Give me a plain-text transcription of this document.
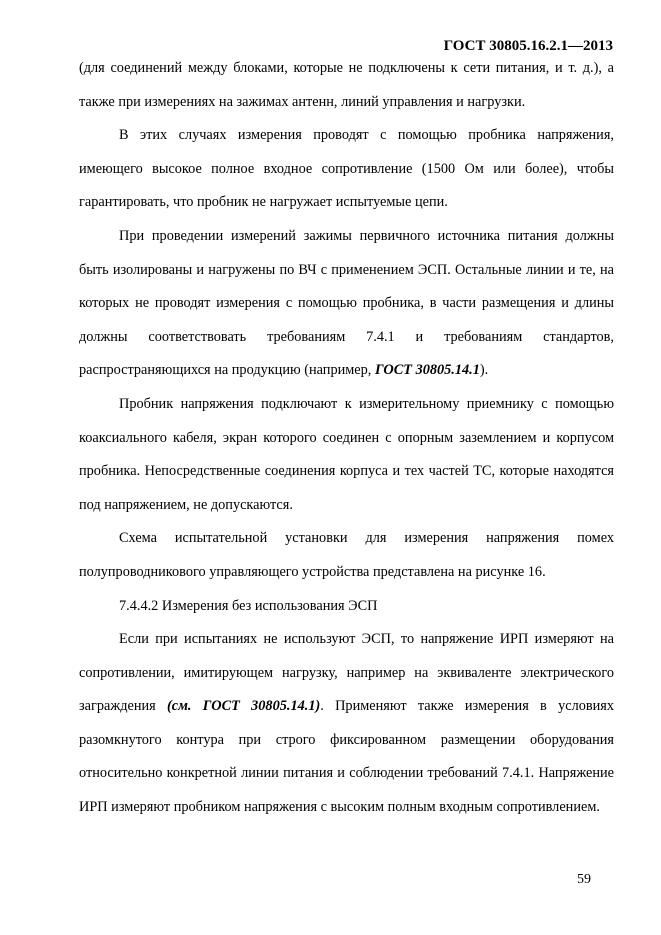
ГОСТ 30805.16.2.1—2013

(для соединений между блоками, которые не подключены к сети питания, и т. д.), а также при измерениях на зажимах антенн, линий управления и нагрузки.

В этих случаях измерения проводят с помощью пробника напряжения, имеющего высокое полное входное сопротивление (1500 Ом или более), чтобы гарантировать, что пробник не нагружает испытуемые цепи.

При проведении измерений зажимы первичного источника питания должны быть изолированы и нагружены по ВЧ с применением ЭСП. Остальные линии и те, на которых не проводят измерения с помощью пробника, в части размещения и длины должны соответствовать требованиям 7.4.1 и требованиям стандартов, распространяющихся на продукцию (например, ГОСТ 30805.14.1).

Пробник напряжения подключают к измерительному приемнику с помощью коаксиального кабеля, экран которого соединен с опорным заземлением и корпусом пробника. Непосредственные соединения корпуса и тех частей ТС, которые находятся под напряжением, не допускаются.

Схема испытательной установки для измерения напряжения помех полупроводникового управляющего устройства представлена на рисунке 16.

7.4.4.2 Измерения без использования ЭСП

Если при испытаниях не используют ЭСП, то напряжение ИРП измеряют на сопротивлении, имитирующем нагрузку, например на эквиваленте электрического заграждения (см. ГОСТ 30805.14.1). Применяют также измерения в условиях разомкнутого контура при строго фиксированном размещении оборудования относительно конкретной линии питания и соблюдении требований 7.4.1. Напряжение ИРП измеряют пробником напряжения с высоким полным входным сопротивлением.

59
